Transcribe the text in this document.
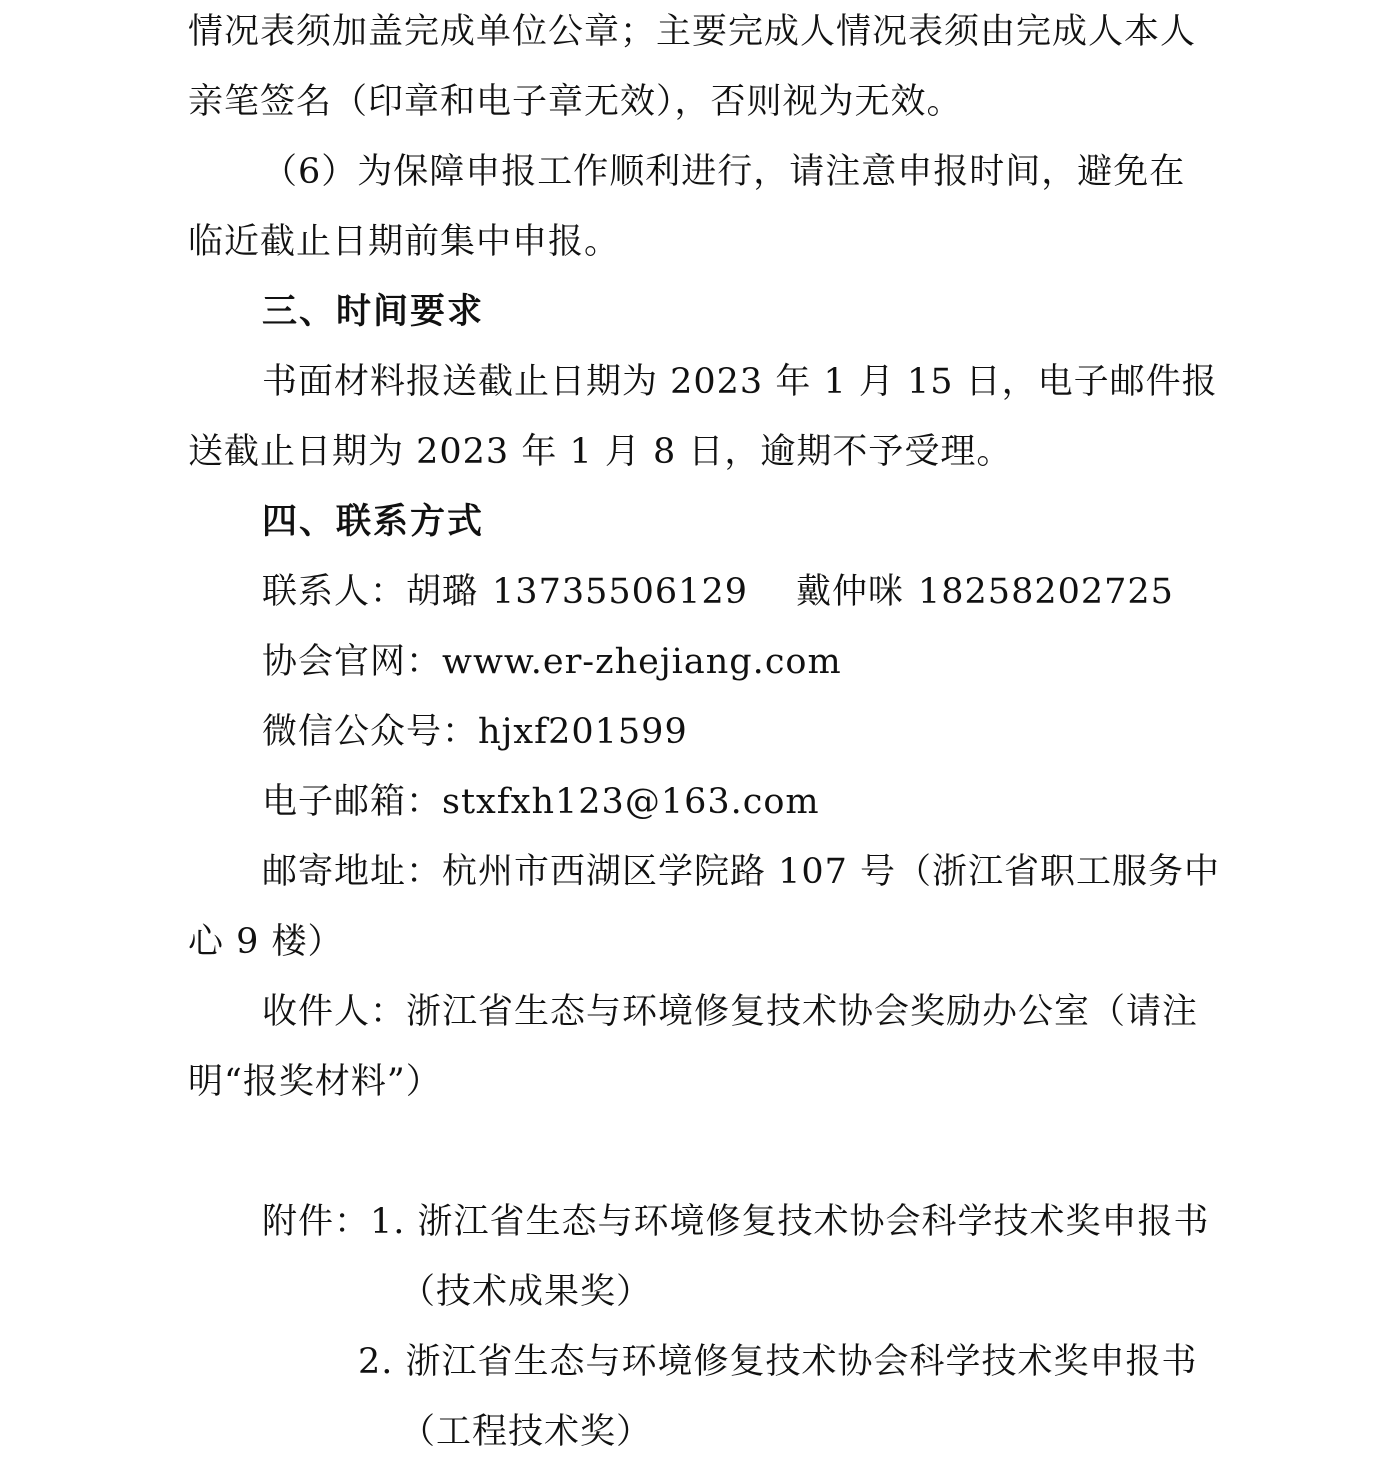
情况表须加盖完成单位公章；主要完成人情况表须由完成人本人
亲笔签名（印章和电子章无效），否则视为无效。
（6）为保障申报工作顺利进行，请注意申报时间，避免在
临近截止日期前集中申报。
三、时间要求
书面材料报送截止日期为 2023 年 1 月 15 日，电子邮件报
送截止日期为 2023 年 1 月 8 日，逾期不予受理。
四、联系方式
联系人：胡璐 13735506129 戴仲咪 18258202725
协会官网：www.er-zhejiang.com
微信公众号：hjxf201599
电子邮箱：stxfxh123@163.com
邮寄地址：杭州市西湖区学院路 107 号（浙江省职工服务中
心 9 楼）
收件人：浙江省生态与环境修复技术协会奖励办公室（请注
明“报奖材料”）
附件：1. 浙江省生态与环境修复技术协会科学技术奖申报书
（技术成果奖）
2. 浙江省生态与环境修复技术协会科学技术奖申报书
（工程技术奖）
